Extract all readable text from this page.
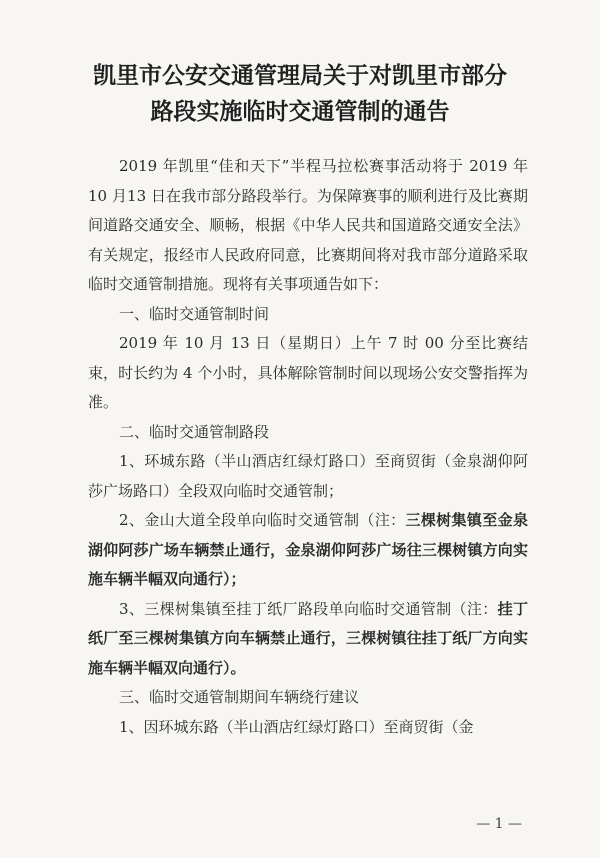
凯里市公安交通管理局关于对凯里市部分
路段实施临时交通管制的通告

2019 年凯里“佳和天下”半程马拉松赛事活动将于 2019 年10 月13 日在我市部分路段举行。为保障赛事的顺利进行及比赛期间道路交通安全、顺畅，根据《中华人民共和国道路交通安全法》有关规定，报经市人民政府同意，比赛期间将对我市部分道路采取临时交通管制措施。现将有关事项通告如下：

一、临时交通管制时间

2019 年 10 月 13 日（星期日）上午 7 时 00 分至比赛结束，时长约为 4 个小时，具体解除管制时间以现场公安交警指挥为准。

二、临时交通管制路段

1、环城东路（半山酒店红绿灯路口）至商贸街（金泉湖仰阿莎广场路口）全段双向临时交通管制；

2、金山大道全段单向临时交通管制（注：三棵树集镇至金泉湖仰阿莎广场车辆禁止通行，金泉湖仰阿莎广场往三棵树镇方向实施车辆半幅双向通行）；

3、三棵树集镇至挂丁纸厂路段单向临时交通管制（注：挂丁纸厂至三棵树集镇方向车辆禁止通行，三棵树镇往挂丁纸厂方向实施车辆半幅双向通行）。

三、临时交通管制期间车辆绕行建议

1、因环城东路（半山酒店红绿灯路口）至商贸街（金

— 1 —
